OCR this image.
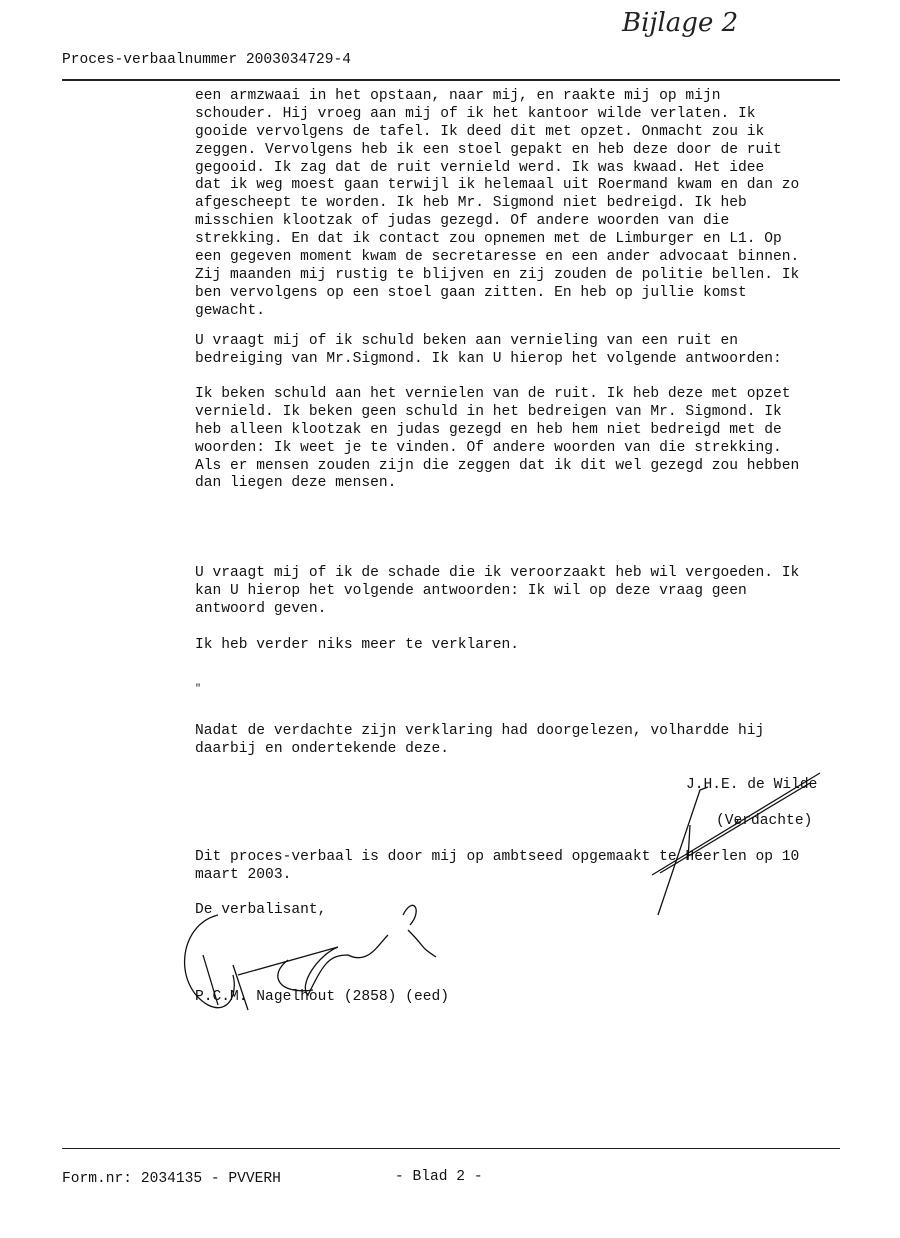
Bijlage 2
Proces-verbaalnummer 2003034729-4
een armzwaai in het opstaan, naar mij, en raakte mij op mijn
schouder. Hij vroeg aan mij of ik het kantoor wilde verlaten. Ik
gooide vervolgens de tafel. Ik deed dit met opzet. Onmacht zou ik
zeggen. Vervolgens heb ik een stoel gepakt en heb deze door de ruit
gegooid. Ik zag dat de ruit vernield werd. Ik was kwaad. Het idee
dat ik weg moest gaan terwijl ik helemaal uit Roermand kwam en dan zo
afgescheept te worden. Ik heb Mr. Sigmond niet bedreigd. Ik heb
misschien klootzak of judas gezegd. Of andere woorden van die
strekking. En dat ik contact zou opnemen met de Limburger en L1. Op
een gegeven moment kwam de secretaresse en een ander advocaat binnen.
Zij maanden mij rustig te blijven en zij zouden de politie bellen. Ik
ben vervolgens op een stoel gaan zitten. En heb op jullie komst
gewacht.
U vraagt mij of ik schuld beken aan vernieling van een ruit en
bedreiging van Mr.Sigmond. Ik kan U hierop het volgende antwoorden:
Ik beken schuld aan het vernielen van de ruit. Ik heb deze met opzet
vernield. Ik beken geen schuld in het bedreigen van Mr. Sigmond. Ik
heb alleen klootzak en judas gezegd en heb hem niet bedreigd met de
woorden: Ik weet je te vinden. Of andere woorden van die strekking.
Als er mensen zouden zijn die zeggen dat ik dit wel gezegd zou hebben
dan liegen deze mensen.
U vraagt mij of ik de schade die ik veroorzaakt heb wil vergoeden. Ik
kan U hierop het volgende antwoorden: Ik wil op deze vraag geen
antwoord geven.
Ik heb verder niks meer te verklaren.
"
Nadat de verdachte zijn verklaring had doorgelezen, volhardde hij
daarbij en ondertekende deze.
J.H.E. de Wilde
(Verdachte)
Dit proces-verbaal is door mij op ambtseed opgemaakt te Heerlen op 10
maart 2003.
De verbalisant,
P.C.M. Nagelhout (2858) (eed)
Form.nr: 2034135 - PVVERH	- Blad 2 -
